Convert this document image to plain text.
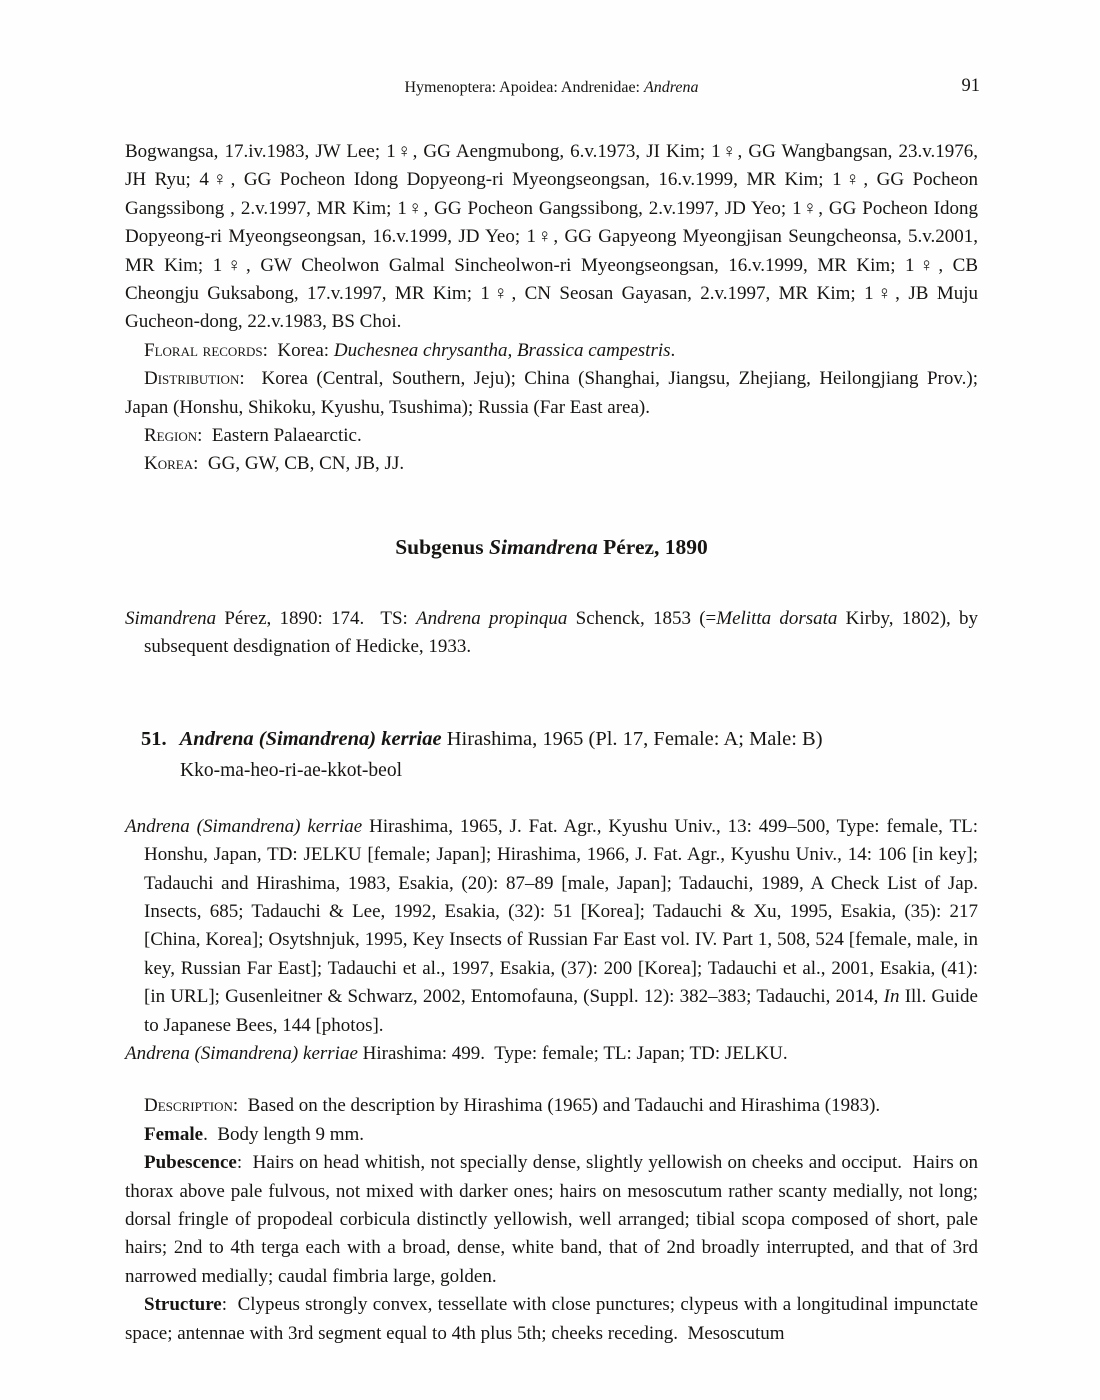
Hymenoptera: Apoidea: Andrenidae: Andrena	91

Bogwangsa, 17.iv.1983, JW Lee; 1♀, GG Aengmubong, 6.v.1973, JI Kim; 1♀, GG Wangbangsan, 23.v.1976, JH Ryu; 4♀, GG Pocheon Idong Dopyeong-ri Myeongseongsan, 16.v.1999, MR Kim; 1♀, GG Pocheon Gangssibong , 2.v.1997, MR Kim; 1♀, GG Pocheon Gangssibong, 2.v.1997, JD Yeo; 1♀, GG Pocheon Idong Dopyeong-ri Myeongseongsan, 16.v.1999, JD Yeo; 1♀, GG Gapyeong Myeongjisan Seungcheonsa, 5.v.2001, MR Kim; 1♀, GW Cheolwon Galmal Sincheolwon-ri Myeongseongsan, 16.v.1999, MR Kim; 1♀, CB Cheongju Guksabong, 17.v.1997, MR Kim; 1♀, CN Seosan Gayasan, 2.v.1997, MR Kim; 1♀, JB Muju Gucheon-dong, 22.v.1983, BS Choi.

Floral records:  Korea: Duchesnea chrysantha, Brassica campestris.

Distribution:  Korea (Central, Southern, Jeju); China (Shanghai, Jiangsu, Zhejiang, Heilongjiang Prov.); Japan (Honshu, Shikoku, Kyushu, Tsushima); Russia (Far East area).

Region:  Eastern Palaearctic.

Korea:  GG, GW, CB, CN, JB, JJ.

Subgenus Simandrena Pérez, 1890

Simandrena Pérez, 1890: 174.  TS: Andrena propinqua Schenck, 1853 (=Melitta dorsata Kirby, 1802), by subsequent desdignation of Hedicke, 1933.

51. Andrena (Simandrena) kerriae Hirashima, 1965 (Pl. 17, Female: A; Male: B)

Kko-ma-heo-ri-ae-kkot-beol

Andrena (Simandrena) kerriae Hirashima, 1965, J. Fat. Agr., Kyushu Univ., 13: 499–500, Type: female, TL: Honshu, Japan, TD: JELKU [female; Japan]; Hirashima, 1966, J. Fat. Agr., Kyushu Univ., 14: 106 [in key]; Tadauchi and Hirashima, 1983, Esakia, (20): 87–89 [male, Japan]; Tadauchi, 1989, A Check List of Jap. Insects, 685; Tadauchi & Lee, 1992, Esakia, (32): 51 [Korea]; Tadauchi & Xu, 1995, Esakia, (35): 217 [China, Korea]; Osytshnjuk, 1995, Key Insects of Russian Far East vol. IV. Part 1, 508, 524 [female, male, in key, Russian Far East]; Tadauchi et al., 1997, Esakia, (37): 200 [Korea]; Tadauchi et al., 2001, Esakia, (41): [in URL]; Gusenleitner & Schwarz, 2002, Entomofauna, (Suppl. 12): 382–383; Tadauchi, 2014, In Ill. Guide to Japanese Bees, 144 [photos].

Andrena (Simandrena) kerriae Hirashima: 499.  Type: female; TL: Japan; TD: JELKU.

Description:  Based on the description by Hirashima (1965) and Tadauchi and Hirashima (1983).

Female.  Body length 9 mm.

Pubescence:  Hairs on head whitish, not specially dense, slightly yellowish on cheeks and occiput.  Hairs on thorax above pale fulvous, not mixed with darker ones; hairs on mesoscutum rather scanty medially, not long; dorsal fringle of propodeal corbicula distinctly yellowish, well arranged; tibial scopa composed of short, pale hairs; 2nd to 4th terga each with a broad, dense, white band, that of 2nd broadly interrupted, and that of 3rd narrowed medially; caudal fimbria large, golden.

Structure:  Clypeus strongly convex, tessellate with close punctures; clypeus with a longitudinal impunctate space; antennae with 3rd segment equal to 4th plus 5th; cheeks receding.  Mesoscutum
